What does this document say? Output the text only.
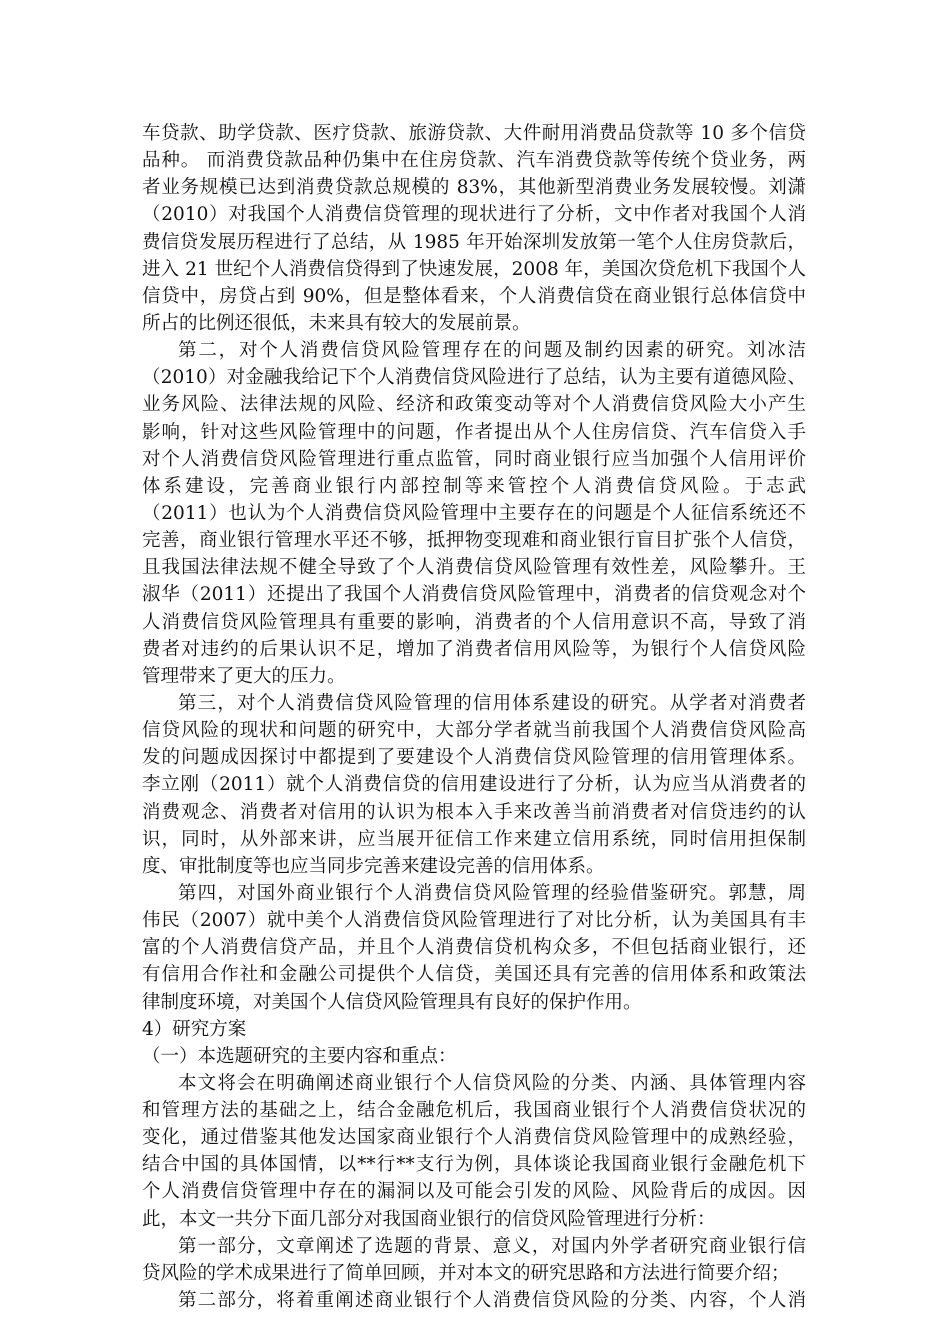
车贷款、助学贷款、医疗贷款、旅游贷款、大件耐用消费品贷款等 10 多个信贷
品种。 而消费贷款品种仍集中在住房贷款、汽车消费贷款等传统个贷业务，两
者业务规模已达到消费贷款总规模的 83%，其他新型消费业务发展较慢。刘潇
（2010）对我国个人消费信贷管理的现状进行了分析，文中作者对我国个人消
费信贷发展历程进行了总结，从 1985 年开始深圳发放第一笔个人住房贷款后，
进入 21 世纪个人消费信贷得到了快速发展，2008 年，美国次贷危机下我国个人
信贷中，房贷占到 90%，但是整体看来，个人消费信贷在商业银行总体信贷中
所占的比例还很低，未来具有较大的发展前景。
第二，对个人消费信贷风险管理存在的问题及制约因素的研究。刘冰洁
（2010）对金融我给记下个人消费信贷风险进行了总结，认为主要有道德风险、
业务风险、法律法规的风险、经济和政策变动等对个人消费信贷风险大小产生
影响，针对这些风险管理中的问题，作者提出从个人住房信贷、汽车信贷入手
对个人消费信贷风险管理进行重点监管，同时商业银行应当加强个人信用评价
体系建设，完善商业银行内部控制等来管控个人消费信贷风险。于志武
（2011）也认为个人消费信贷风险管理中主要存在的问题是个人征信系统还不
完善，商业银行管理水平还不够，抵押物变现难和商业银行盲目扩张个人信贷，
且我国法律法规不健全导致了个人消费信贷风险管理有效性差，风险攀升。王
淑华（2011）还提出了我国个人消费信贷风险管理中，消费者的信贷观念对个
人消费信贷风险管理具有重要的影响，消费者的个人信用意识不高，导致了消
费者对违约的后果认识不足，增加了消费者信用风险等，为银行个人信贷风险
管理带来了更大的压力。
第三，对个人消费信贷风险管理的信用体系建设的研究。从学者对消费者
信贷风险的现状和问题的研究中，大部分学者就当前我国个人消费信贷风险高
发的问题成因探讨中都提到了要建设个人消费信贷风险管理的信用管理体系。
李立刚（2011）就个人消费信贷的信用建设进行了分析，认为应当从消费者的
消费观念、消费者对信用的认识为根本入手来改善当前消费者对信贷违约的认
识，同时，从外部来讲，应当展开征信工作来建立信用系统，同时信用担保制
度、审批制度等也应当同步完善来建设完善的信用体系。
第四，对国外商业银行个人消费信贷风险管理的经验借鉴研究。郭慧，周
伟民（2007）就中美个人消费信贷风险管理进行了对比分析，认为美国具有丰
富的个人消费信贷产品，并且个人消费信贷机构众多，不但包括商业银行，还
有信用合作社和金融公司提供个人信贷，美国还具有完善的信用体系和政策法
律制度环境，对美国个人信贷风险管理具有良好的保护作用。
4）研究方案
（一）本选题研究的主要内容和重点：
本文将会在明确阐述商业银行个人信贷风险的分类、内涵、具体管理内容
和管理方法的基础之上，结合金融危机后，我国商业银行个人消费信贷状况的
变化，通过借鉴其他发达国家商业银行个人消费信贷风险管理中的成熟经验，
结合中国的具体国情，以**行**支行为例，具体谈论我国商业银行金融危机下
个人消费信贷管理中存在的漏洞以及可能会引发的风险、风险背后的成因。因
此，本文一共分下面几部分对我国商业银行的信贷风险管理进行分析：
第一部分，文章阐述了选题的背景、意义，对国内外学者研究商业银行信
贷风险的学术成果进行了简单回顾，并对本文的研究思路和方法进行简要介绍；
第二部分，将着重阐述商业银行个人消费信贷风险的分类、内容，个人消
